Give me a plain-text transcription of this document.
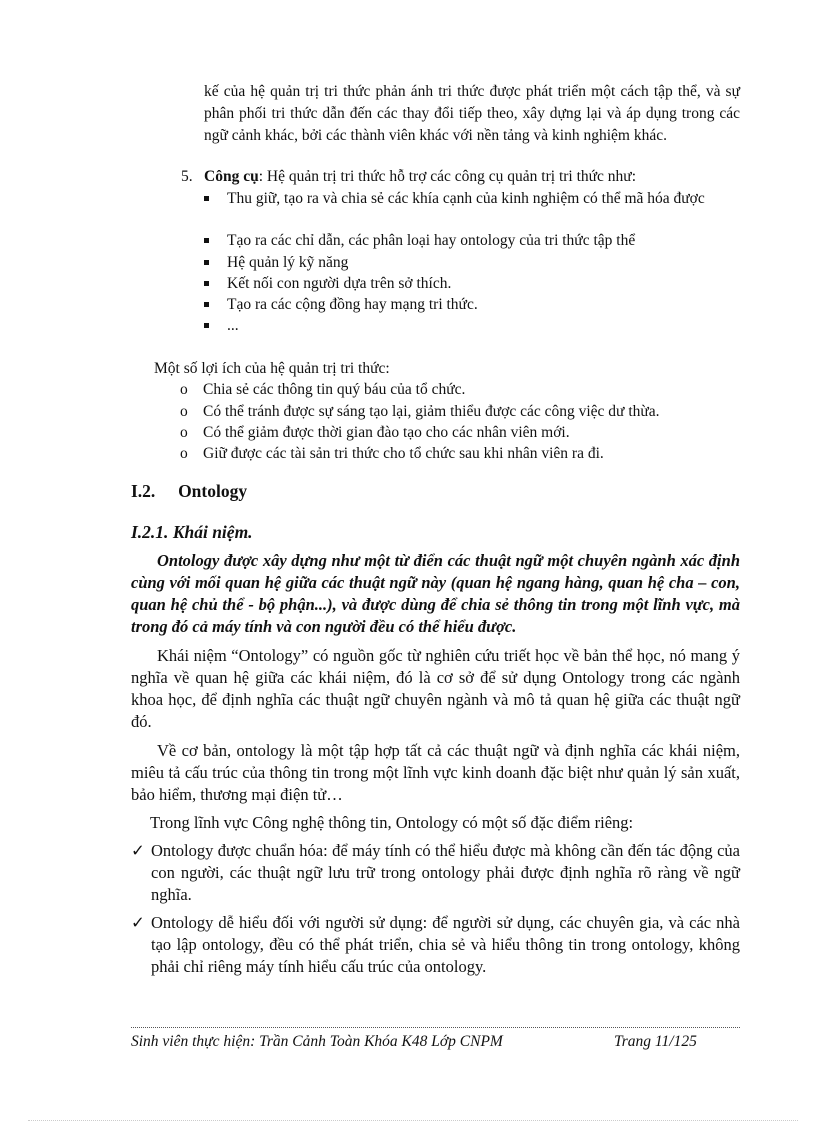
kế của hệ quản trị tri thức phản ánh tri thức được phát triển một cách tập thể, và sự phân phối tri thức dẫn đến các thay đổi tiếp theo, xây dựng lại và áp dụng trong các ngữ cảnh khác, bởi các thành viên khác với nền tảng và kinh nghiệm khác.

5. Công cụ: Hệ quản trị tri thức hỗ trợ các công cụ quản trị tri thức như:
Thu giữ, tạo ra và chia sẻ các khía cạnh của kinh nghiệm có thể mã hóa được
Tạo ra các chỉ dẫn, các phân loại hay ontology của tri thức tập thể
Hệ quản lý kỹ năng
Kết nối con người dựa trên sở thích.
Tạo ra các cộng đồng hay mạng tri thức.
...

Một số lợi ích của hệ quản trị tri thức:

o Chia sẻ các thông tin quý báu của tổ chức.
o Có thể tránh được sự sáng tạo lại, giảm thiểu được các công việc dư thừa.
o Có thể giảm được thời gian đào tạo cho các nhân viên mới.
o Giữ được các tài sản tri thức cho tổ chức sau khi nhân viên ra đi.
I.2. Ontology
I.2.1. Khái niệm.

Ontology được xây dựng như một từ điển các thuật ngữ một chuyên ngành xác định cùng với mối quan hệ giữa các thuật ngữ này (quan hệ ngang hàng, quan hệ cha – con, quan hệ chủ thể - bộ phận...), và được dùng để chia sẻ thông tin trong một lĩnh vực, mà trong đó cả máy tính và con người đều có thể hiểu được.

Khái niệm “Ontology” có nguồn gốc từ nghiên cứu triết học về bản thể học, nó mang ý nghĩa về quan hệ giữa các khái niệm, đó là cơ sở để sử dụng Ontology trong các ngành khoa học, để định nghĩa các thuật ngữ chuyên ngành và mô tả quan hệ giữa các thuật ngữ đó.

Về cơ bản, ontology là một tập hợp tất cả các thuật ngữ và định nghĩa các khái niệm, miêu tả cấu trúc của thông tin trong một lĩnh vực kinh doanh đặc biệt như quản lý sản xuất, bảo hiểm, thương mại điện tử…

Trong lĩnh vực Công nghệ thông tin, Ontology có một số đặc điểm riêng:

✓ Ontology được chuẩn hóa: để máy tính có thể hiểu được mà không cần đến tác động của con người, các thuật ngữ lưu trữ trong ontology phải được định nghĩa rõ ràng về ngữ nghĩa.
✓ Ontology dễ hiểu đối với người sử dụng: để người sử dụng, các chuyên gia, và các nhà tạo lập ontology, đều có thể phát triển, chia sẻ và hiểu thông tin trong ontology, không phải chỉ riêng máy tính hiểu cấu trúc của ontology.
Sinh viên thực hiện: Trần Cảnh Toàn Khóa K48 Lớp CNPM	Trang 11/125
